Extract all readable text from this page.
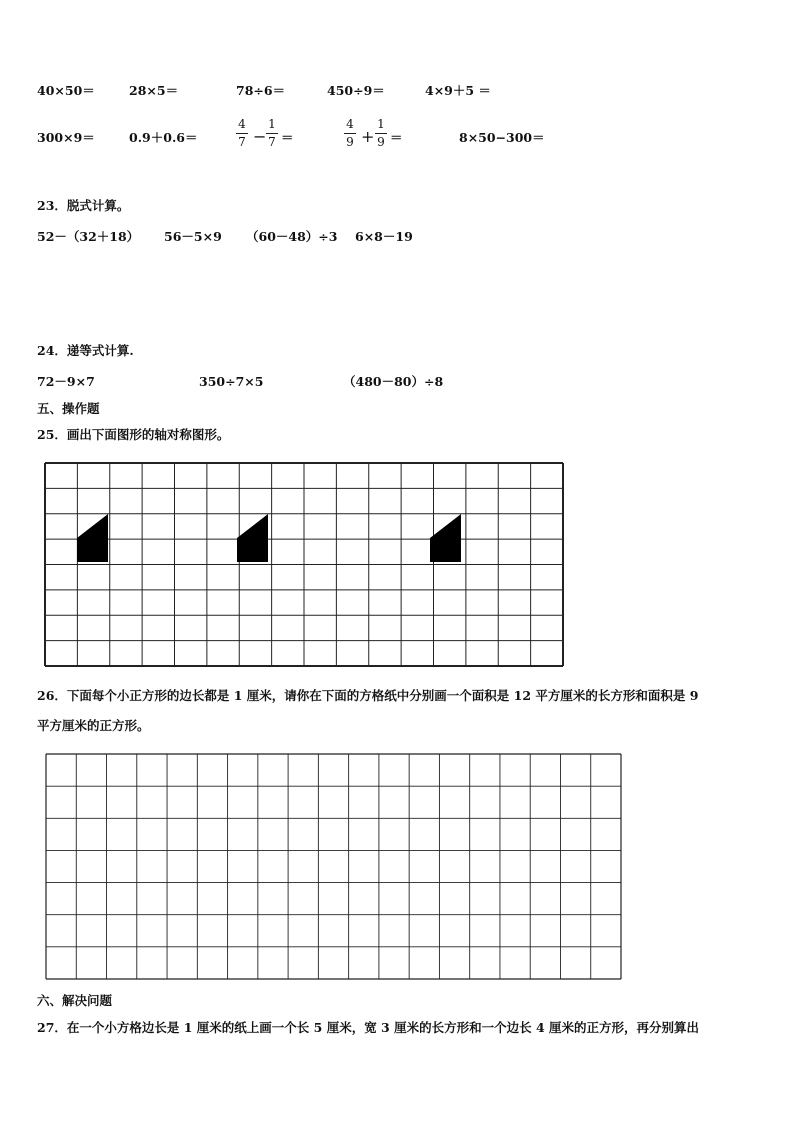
40×50＝	28×5＝	78÷6＝	450÷9＝	4×9＋5 ＝
300×9＝	0.9＋0.6＝
4
7 −
1
7 ＝
4
9 +
1
9 ＝	8×50−300＝
23．脱式计算。
52－（32＋18） 56－5×9 （60－48）÷3 6×8－19
24．递等式计算.
72－9×7	350÷7×5	（480－80）÷8
五、操作题
25．画出下面图形的轴对称图形。
26．下面每个小正方形的边长都是 1 厘米，请你在下面的方格纸中分别画一个面积是 12 平方厘米的长方形和面积是 9
平方厘米的正方形。
六、解决问题
27．在一个小方格边长是 1 厘米的纸上画一个长 5 厘米，宽 3 厘米的长方形和一个边长 4 厘米的正方形，再分别算出
